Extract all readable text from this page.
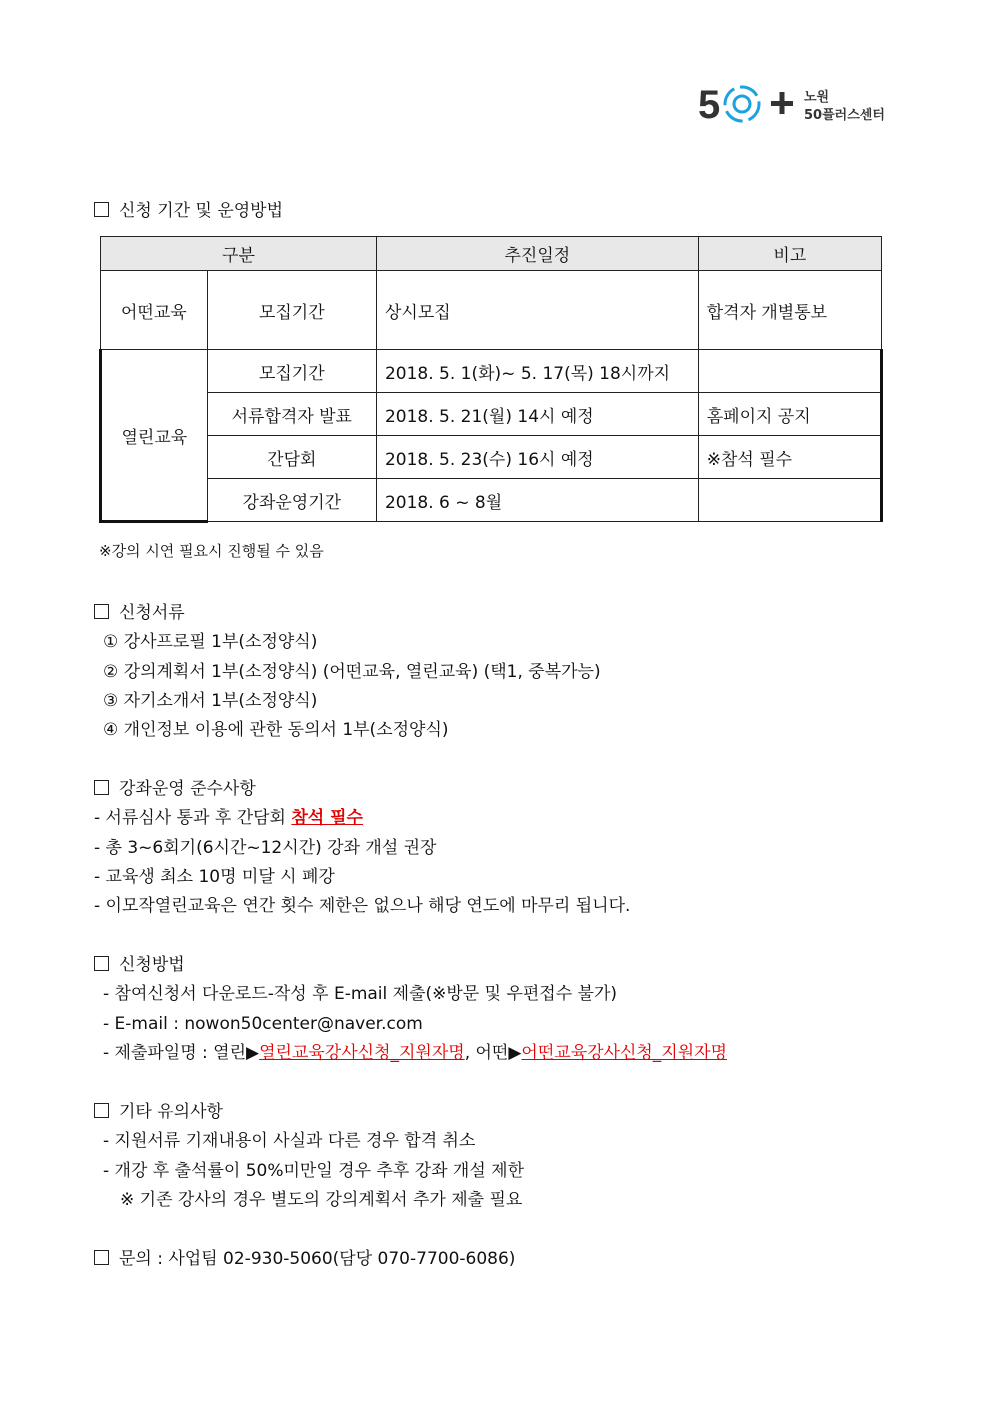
5	노원
50플러스센터
신청 기간 및 운영방법
구분		추진일정	비고
어떤교육	모집기간	상시모집	합격자 개별통보
열린교육	모집기간	2018. 5. 1(화)~ 5. 17(목) 18시까지	
	서류합격자 발표	2018. 5. 21(월) 14시 예정	홈페이지 공지
	간담회	2018. 5. 23(수) 16시 예정	※참석 필수
	강좌운영기간	2018. 6 ~ 8월	
※강의 시연 필요시 진행될 수 있음
신청서류
① 강사프로필 1부(소정양식)
② 강의계획서 1부(소정양식) (어떤교육, 열린교육) (택1, 중복가능)
③ 자기소개서 1부(소정양식)
④ 개인정보 이용에 관한 동의서 1부(소정양식)
강좌운영 준수사항
- 서류심사 통과 후 간담회 참석 필수
- 총 3~6회기(6시간~12시간) 강좌 개설 권장
- 교육생 최소 10명 미달 시 폐강
- 이모작열린교육은 연간 횟수 제한은 없으나 해당 연도에 마무리 됩니다.
신청방법
- 참여신청서 다운로드-작성 후 E-mail 제출(※방문 및 우편접수 불가)
- E-mail : nowon50center@naver.com
- 제출파일명 : 열린▶열린교육강사신청_지원자명, 어떤▶어떤교육강사신청_지원자명
기타 유의사항
- 지원서류 기재내용이 사실과 다른 경우 합격 취소
- 개강 후 출석률이 50%미만일 경우 추후 강좌 개설 제한
※ 기존 강사의 경우 별도의 강의계획서 추가 제출 필요
문의 : 사업팀 02-930-5060(담당 070-7700-6086)
